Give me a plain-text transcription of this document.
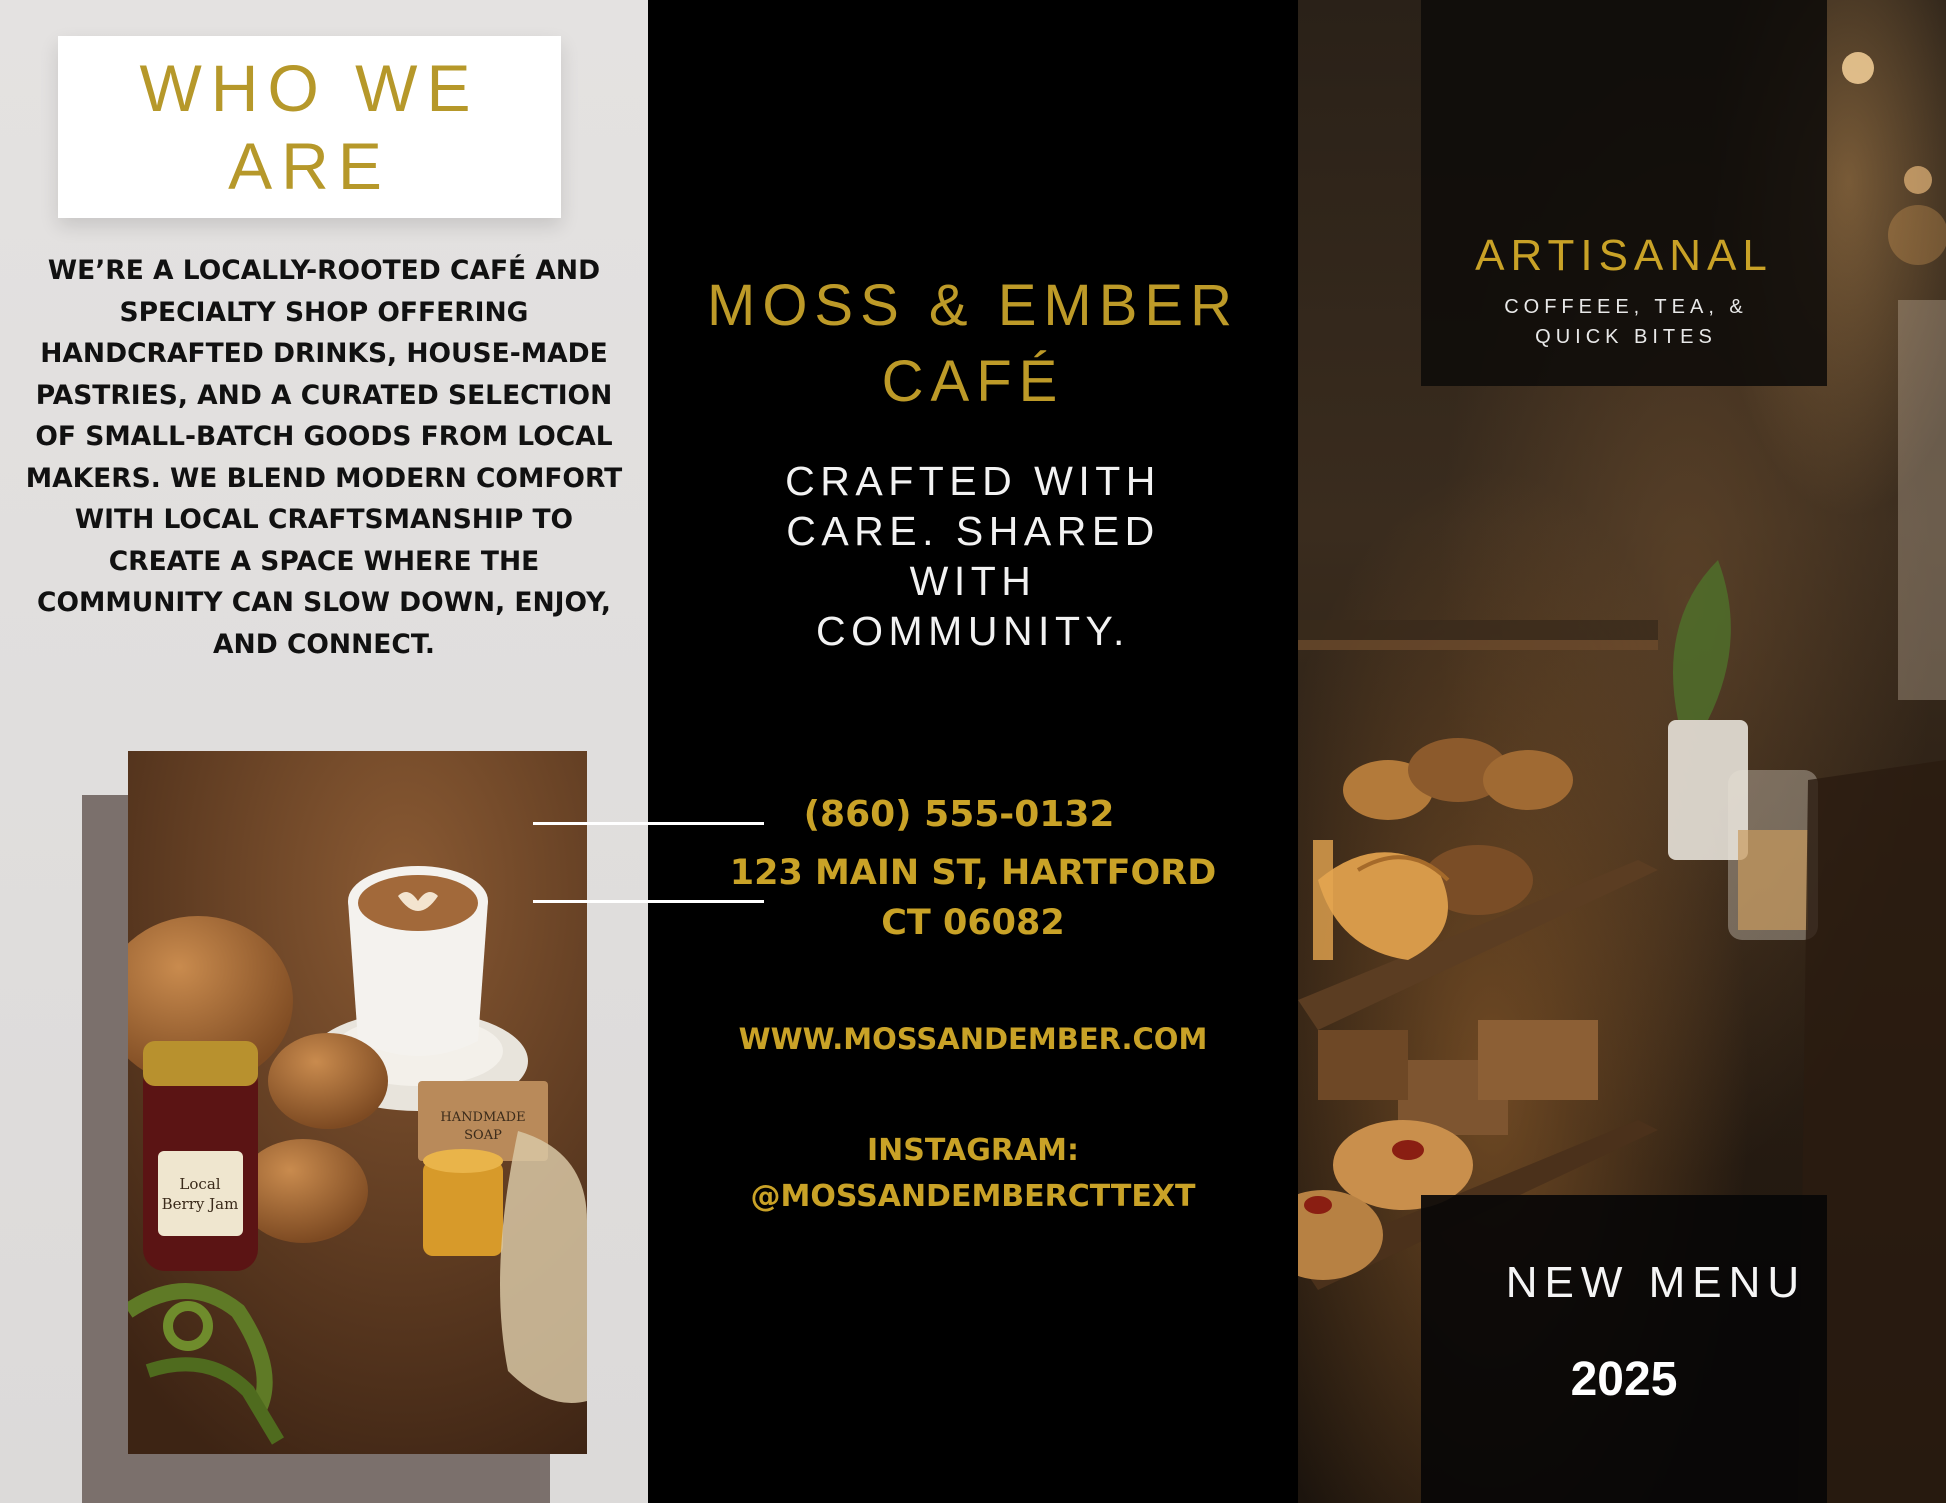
WHO WE ARE
WE’RE A LOCALLY-ROOTED CAFÉ AND SPECIALTY SHOP OFFERING HANDCRAFTED DRINKS, HOUSE-MADE PASTRIES, AND A CURATED SELECTION OF SMALL-BATCH GOODS FROM LOCAL MAKERS. WE BLEND MODERN COMFORT WITH LOCAL CRAFTSMANSHIP TO CREATE A SPACE WHERE THE COMMUNITY CAN SLOW DOWN, ENJOY, AND CONNECT.
Local
Berry Jam
HANDMADE
SOAP
MOSS & EMBER CAFÉ
CRAFTED WITH CARE. SHARED WITH COMMUNITY.
(860) 555-0132
123 MAIN ST, HARTFORD
CT 06082
WWW.MOSSANDEMBER.COM
INSTAGRAM:
@MOSSANDEMBERCTTEXT
ARTISANAL
COFFEEE, TEA, & QUICK BITES
NEW MENU
2025
